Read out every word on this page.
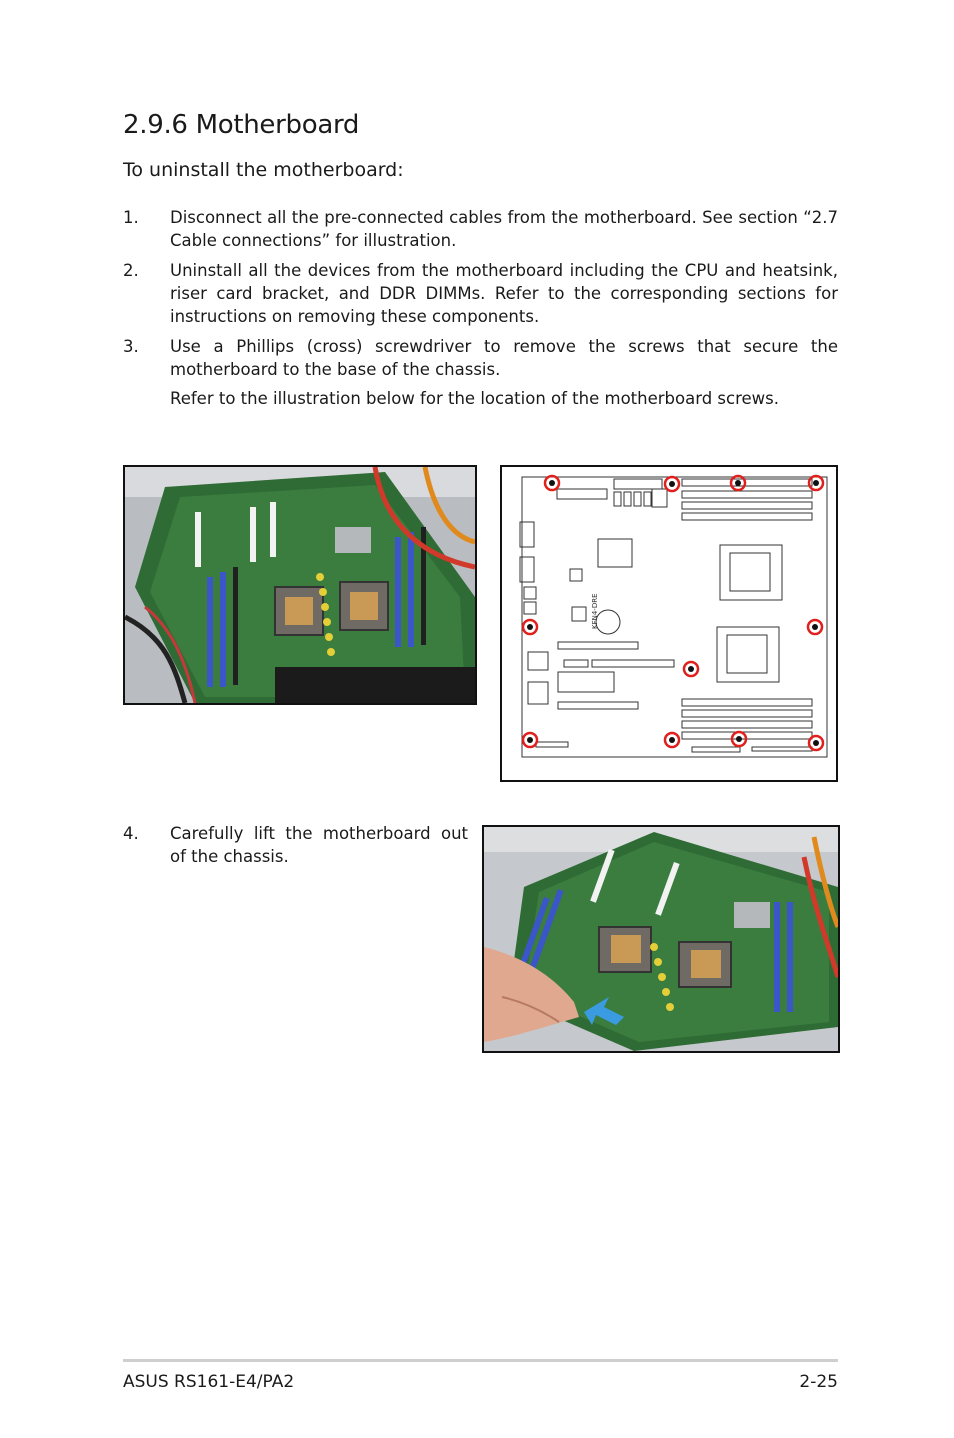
2.9.6 Motherboard
To uninstall the motherboard:
1. Disconnect all the pre-connected cables from the motherboard. See section “2.7 Cable connections” for illustration.
2. Uninstall all the devices from the motherboard including the CPU and heatsink, riser card bracket, and DDR DIMMs. Refer to the corresponding sections for instructions on removing these components.
3. Use a Phillips (cross) screwdriver to remove the screws that secure the motherboard to the base of the chassis.
Refer to the illustration below for the location of the motherboard screws.
KFN4-DRE
4. Carefully lift the motherboard out of the chassis.
ASUS RS161-E4/PA2	2-25
